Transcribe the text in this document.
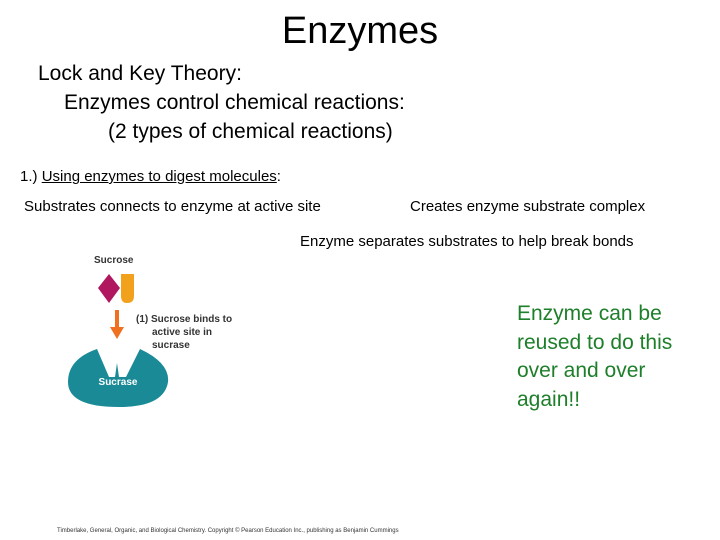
Enzymes
Lock and Key Theory:
Enzymes control chemical reactions:
(2 types of chemical reactions)
1.) Using enzymes to digest molecules:
Substrates connects to enzyme at active site	Creates enzyme substrate complex
Enzyme separates substrates to help break bonds
Sucrose
(1) Sucrose binds to
active site in
sucrase
Sucrase
Enzyme can be reused to do this over and over again!!
Timberlake, General, Organic, and Biological Chemistry. Copyright © Pearson Education Inc., publishing as Benjamin Cummings
